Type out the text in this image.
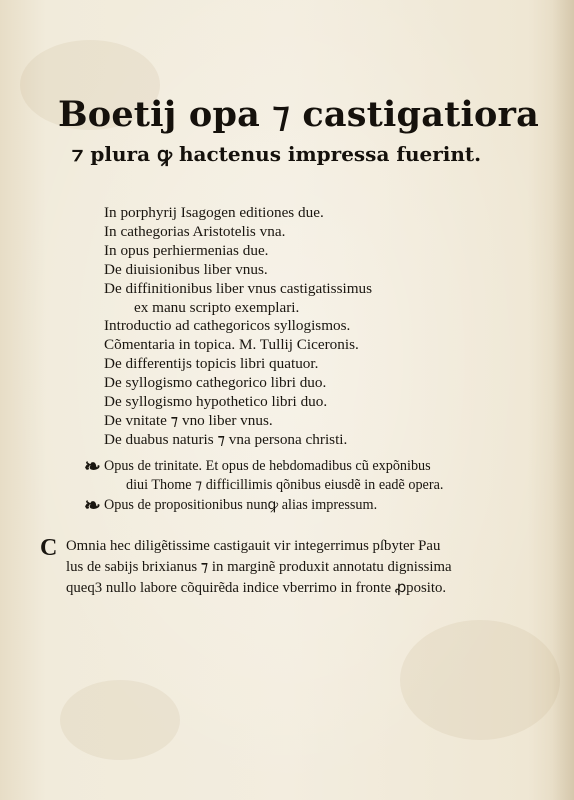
Boetij opa ⁊ castigatiora
⁊ plura ꝙ hactenus impressa fuerint.
In porphyrij Isagogen editiones due.
In cathegorias Aristotelis vna.
In opus perhiermenias due.
De diuisionibus liber vnus.
De diffinitionibus liber vnus castigatissimus
ex manu scripto exemplari.
Introductio ad cathegoricos syllogismos.
Cõmentaria in topica. M. Tullij Ciceronis.
De differentijs topicis libri quatuor.
De syllogismo cathegorico libri duo.
De syllogismo hypothetico libri duo.
De vnitate ⁊ vno liber vnus.
De duabus naturis ⁊ vna persona christi.
❧ Opus de trinitate. Et opus de hebdomadibus cũ expõnibus
diui Thome ⁊ difficillimis qõnibus eiusdẽ in eadẽ opera.
❧ Opus de propositionibus nunꝙ alias impressum.
C Omnia hec diligẽtissime castigauit vir integerrimus pſbyter Pau
lus de sabijs brixianus ⁊ in marginẽ produxit annotatu dignissima
queq3 nullo labore cõquirẽda indice vberrimo in fronte ꝓposito.
